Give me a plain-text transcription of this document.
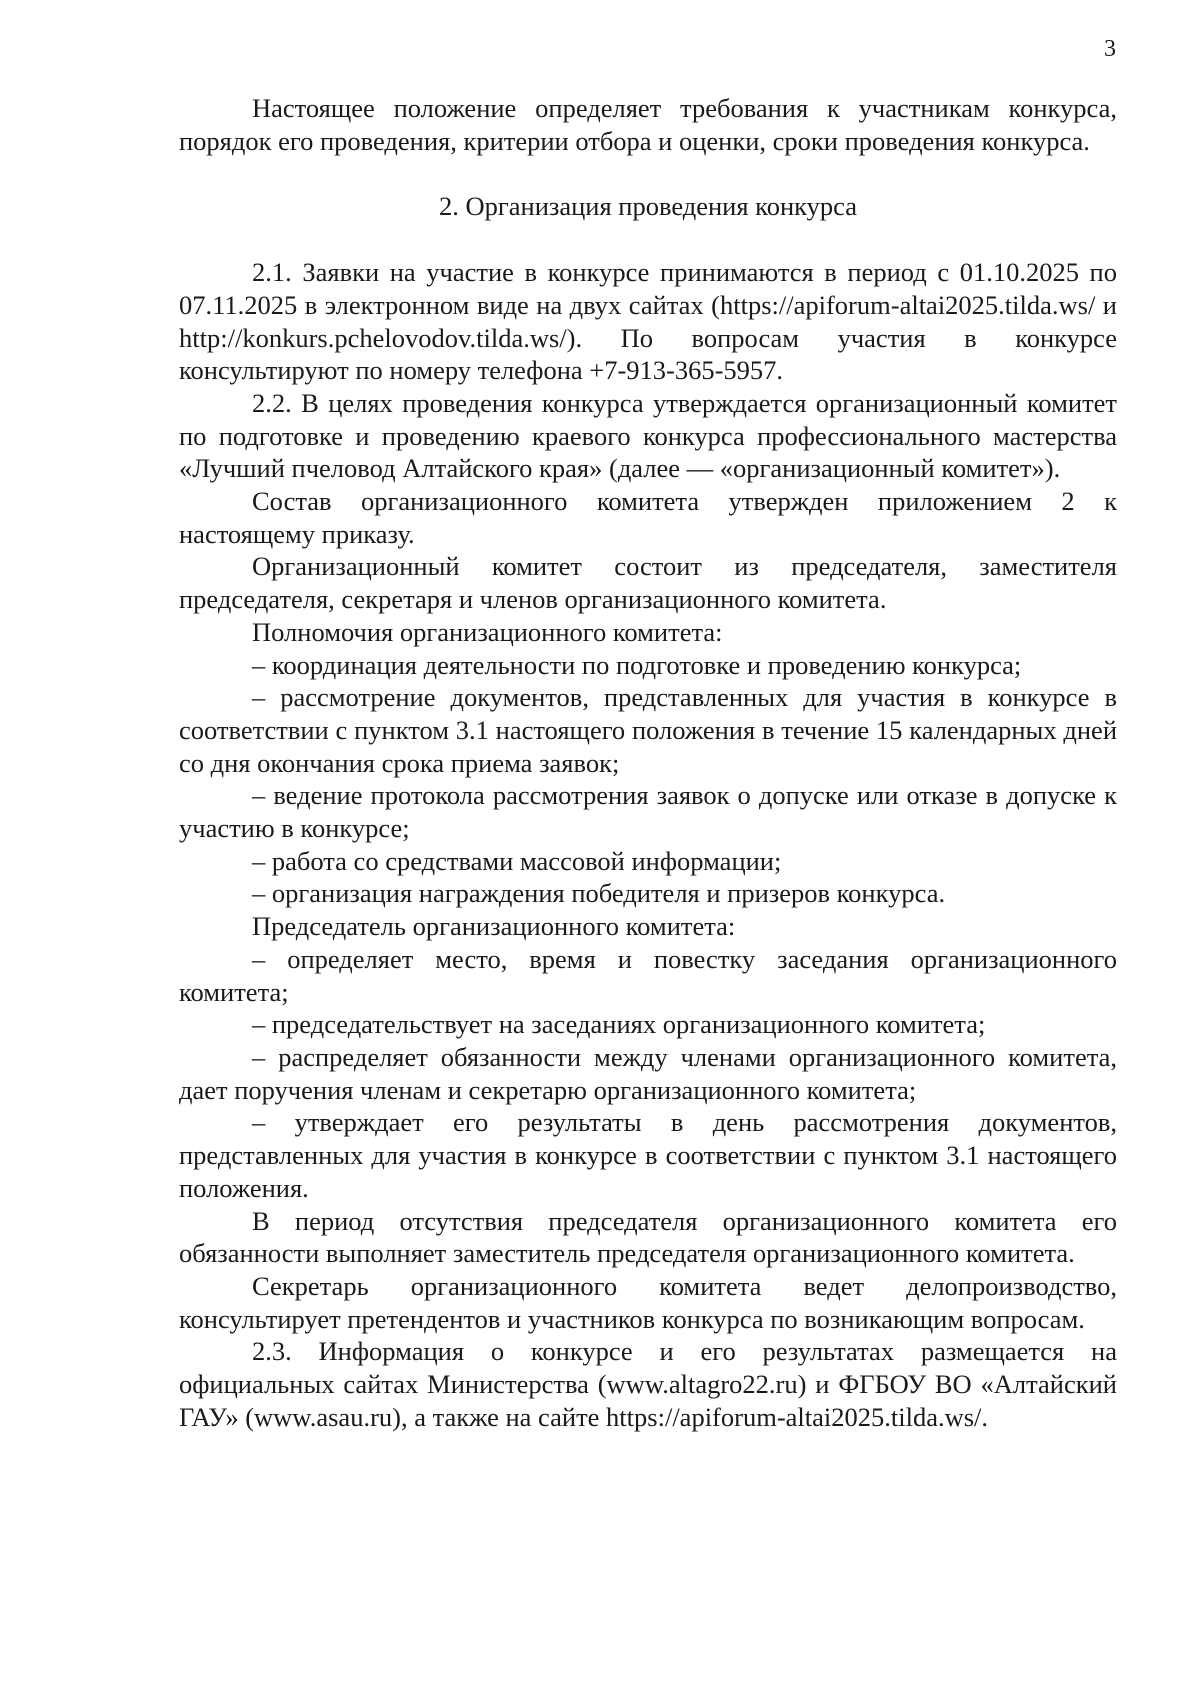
3

Настоящее положение определяет требования к участникам конкурса, порядок его проведения, критерии отбора и оценки, сроки проведения конкурса.

2. Организация проведения конкурса

2.1. Заявки на участие в конкурсе принимаются в период с 01.10.2025 по 07.11.2025 в электронном виде на двух сайтах (https://apiforum-altai2025.tilda.ws/ и http://konkurs.pchelovodov.tilda.ws/). По вопросам участия в конкурсе консультируют по номеру телефона +7-913-365-5957.

2.2. В целях проведения конкурса утверждается организационный комитет по подготовке и проведению краевого конкурса профессионального мастерства «Лучший пчеловод Алтайского края» (далее — «организационный комитет»).

Состав организационного комитета утвержден приложением 2 к настоящему приказу.

Организационный комитет состоит из председателя, заместителя председателя, секретаря и членов организационного комитета.

Полномочия организационного комитета:

– координация деятельности по подготовке и проведению конкурса;

– рассмотрение документов, представленных для участия в конкурсе в соответствии с пунктом 3.1 настоящего положения в течение 15 календарных дней со дня окончания срока приема заявок;

– ведение протокола рассмотрения заявок о допуске или отказе в допуске к участию в конкурсе;

– работа со средствами массовой информации;

– организация награждения победителя и призеров конкурса.

Председатель организационного комитета:

– определяет место, время и повестку заседания организационного комитета;

– председательствует на заседаниях организационного комитета;

– распределяет обязанности между членами организационного комитета, дает поручения членам и секретарю организационного комитета;

– утверждает его результаты в день рассмотрения документов, представленных для участия в конкурсе в соответствии с пунктом 3.1 настоящего положения.

В период отсутствия председателя организационного комитета его обязанности выполняет заместитель председателя организационного комитета.

Секретарь организационного комитета ведет делопроизводство, консультирует претендентов и участников конкурса по возникающим вопросам.

2.3. Информация о конкурсе и его результатах размещается на официальных сайтах Министерства (www.altagro22.ru) и ФГБОУ ВО «Алтайский ГАУ» (www.asau.ru), а также на сайте https://apiforum-altai2025.tilda.ws/.
